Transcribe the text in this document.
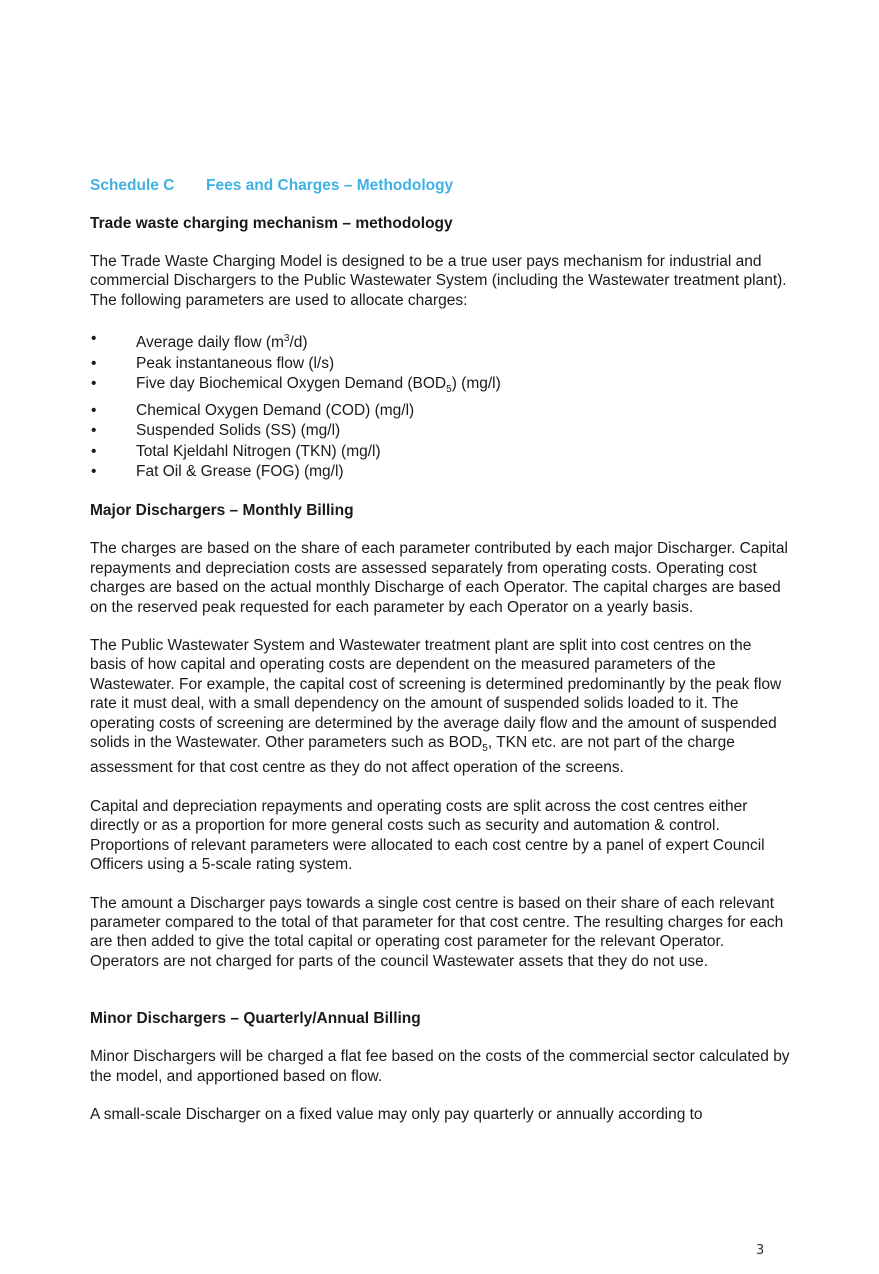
Schedule C	Fees and Charges – Methodology
Trade waste charging mechanism – methodology

The Trade Waste Charging Model is designed to be a true user pays mechanism for industrial and commercial Dischargers to the Public Wastewater System (including the Wastewater treatment plant). The following parameters are used to allocate charges:

•	Average daily flow $(m^3/d)$
•	Peak instantaneous flow (l/s)
•	Five day Biochemical Oxygen Demand $(BOD_5)$ (mg/l)
•	Chemical Oxygen Demand (COD) (mg/l)
•	Suspended Solids (SS) (mg/l)
•	Total Kjeldahl Nitrogen (TKN) (mg/l)
•	Fat Oil & Grease (FOG) (mg/l)
Major Dischargers – Monthly Billing

The charges are based on the share of each parameter contributed by each major Discharger. Capital repayments and depreciation costs are assessed separately from operating costs. Operating cost charges are based on the actual monthly Discharge of each Operator. The capital charges are based on the reserved peak requested for each parameter by each Operator on a yearly basis.

The Public Wastewater System and Wastewater treatment plant are split into cost centres on the basis of how capital and operating costs are dependent on the measured parameters of the Wastewater. For example, the capital cost of screening is determined predominantly by the peak flow rate it must deal, with a small dependency on the amount of suspended solids loaded to it. The operating costs of screening are determined by the average daily flow and the amount of suspended solids in the Wastewater. Other parameters such as $BOD_5$, TKN etc. are not part of the charge assessment for that cost centre as they do not affect operation of the screens.

Capital and depreciation repayments and operating costs are split across the cost centres either directly or as a proportion for more general costs such as security and automation & control. Proportions of relevant parameters were allocated to each cost centre by a panel of expert Council Officers using a 5-scale rating system.

The amount a Discharger pays towards a single cost centre is based on their share of each relevant parameter compared to the total of that parameter for that cost centre. The resulting charges for each are then added to give the total capital or operating cost parameter for the relevant Operator. Operators are not charged for parts of the council Wastewater assets that they do not use.

Minor Dischargers – Quarterly/Annual Billing

Minor Dischargers will be charged a flat fee based on the costs of the commercial sector calculated by the model, and apportioned based on flow.

A small-scale Discharger on a fixed value may only pay quarterly or annually according to

3
